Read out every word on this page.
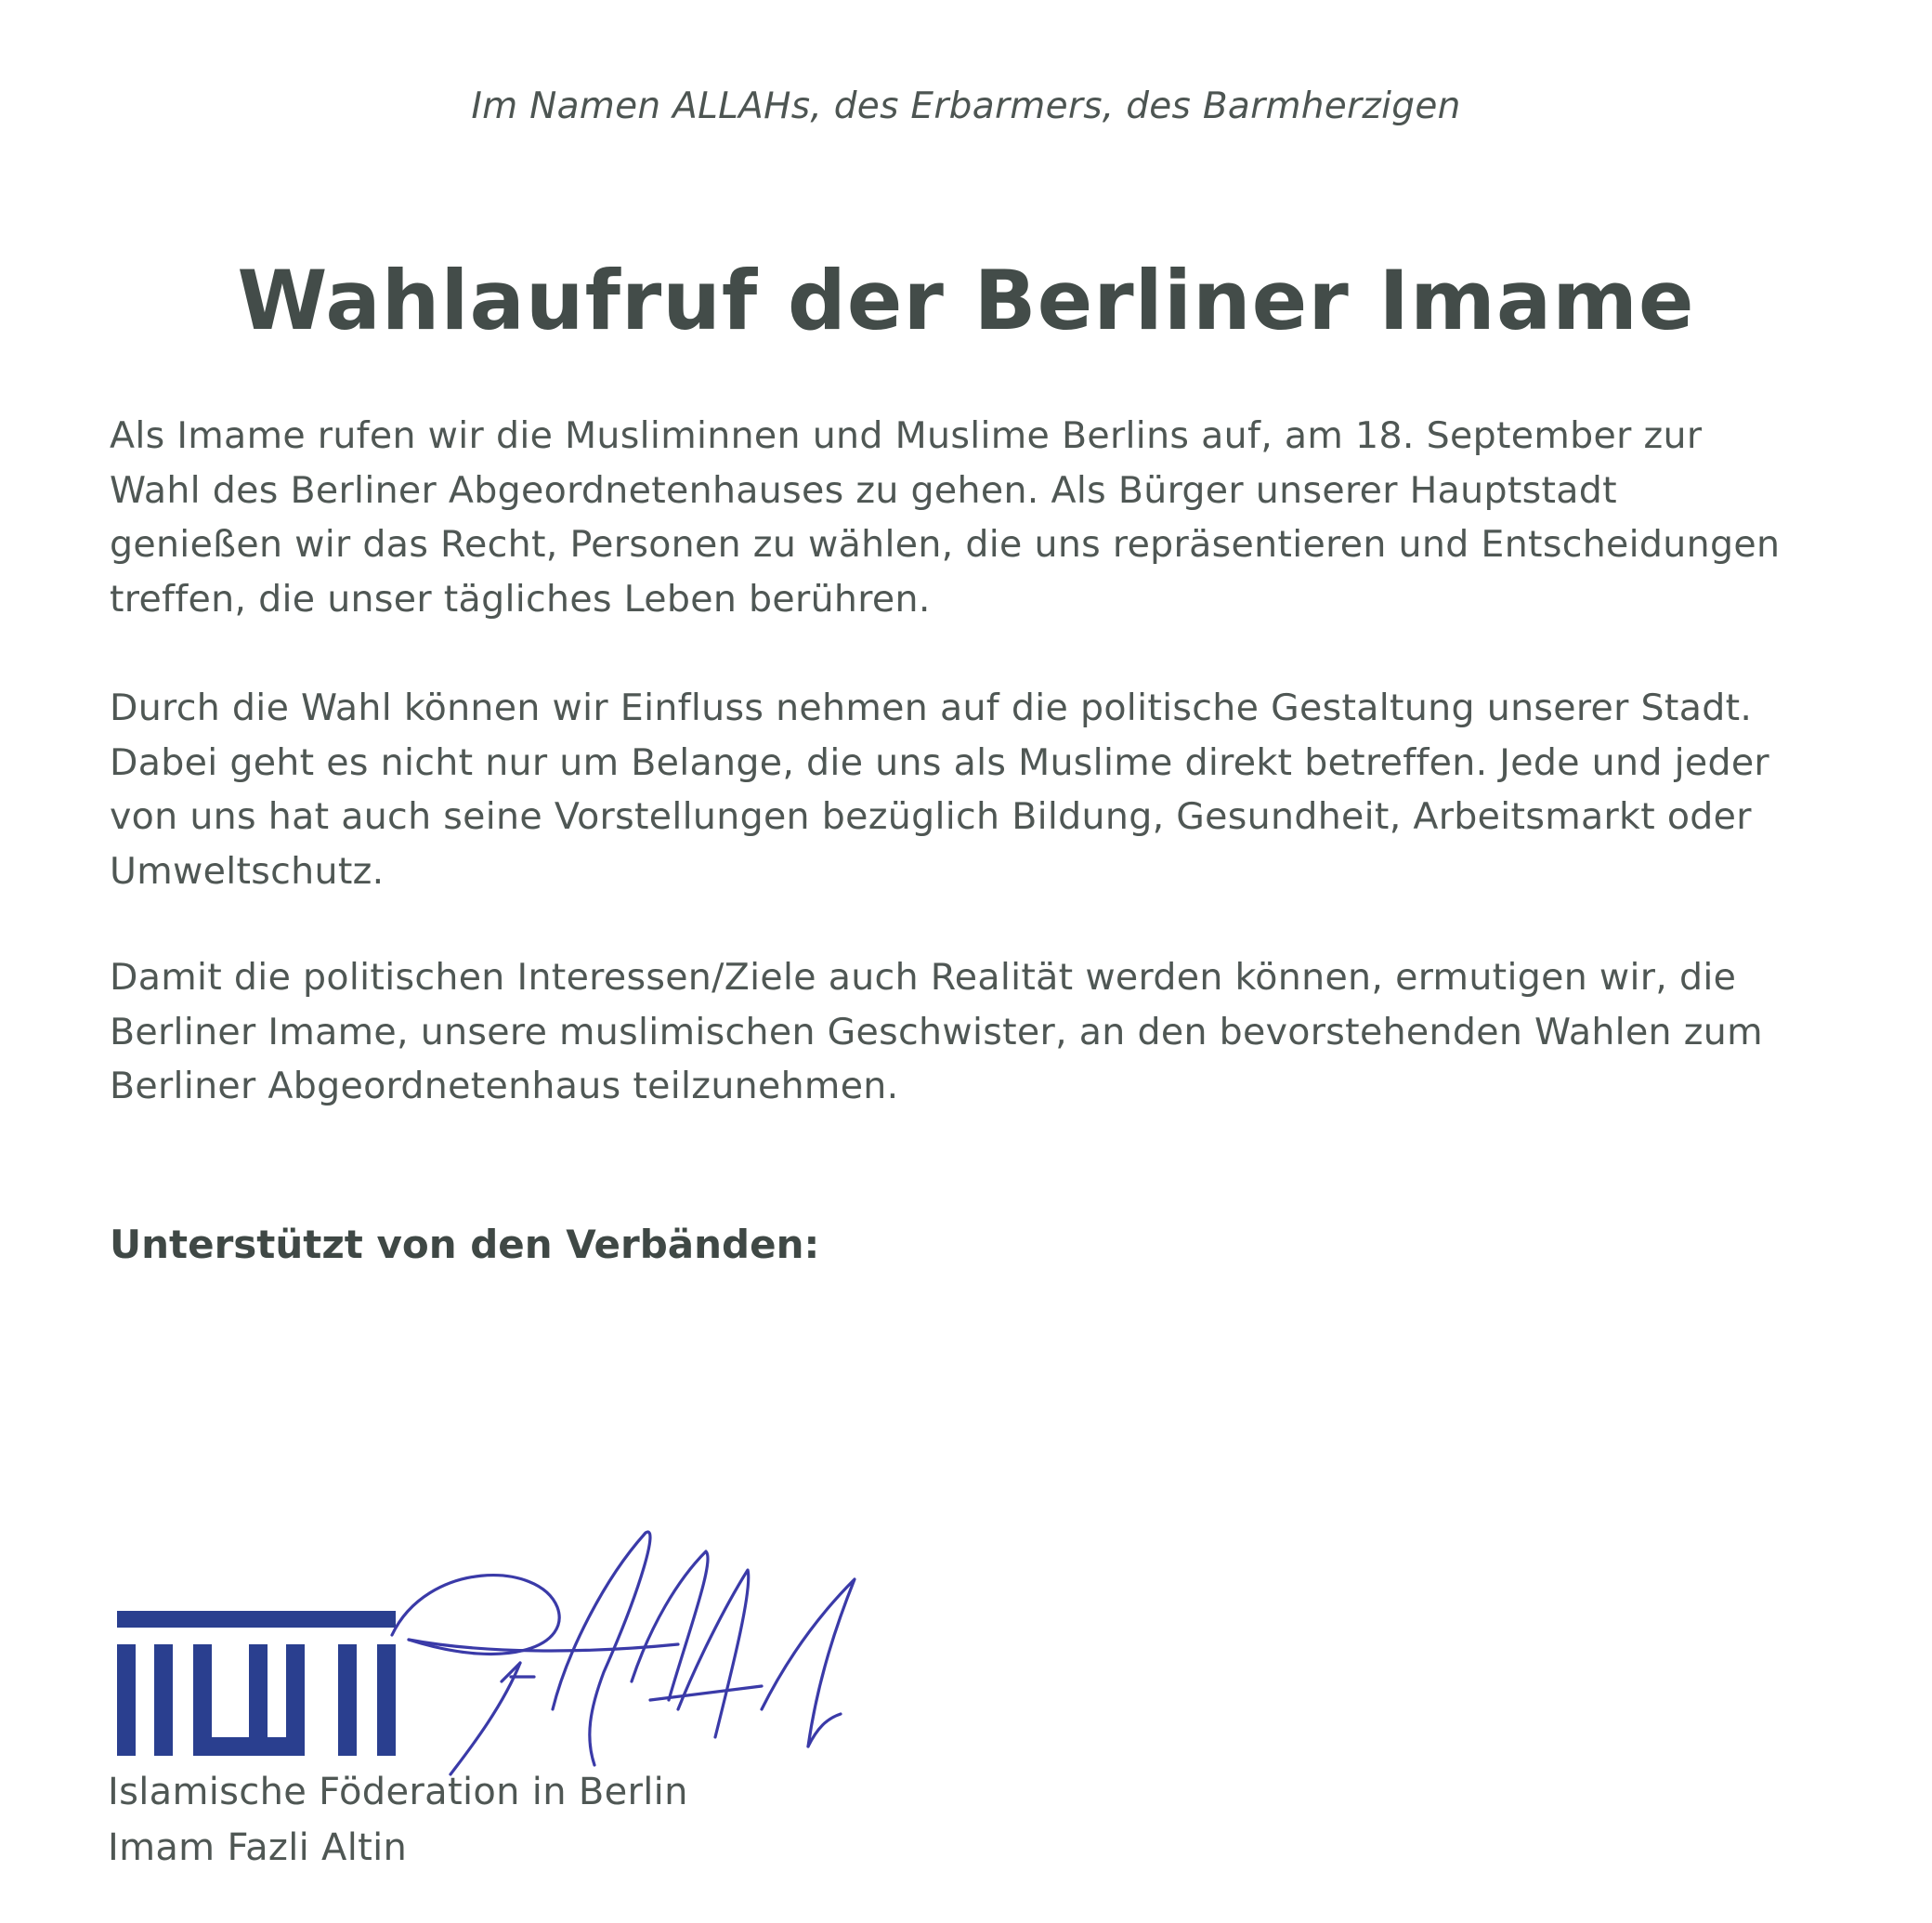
Im Namen ALLAHs, des Erbarmers, des Barmherzigen
Wahlaufruf der Berliner Imame
Als Imame rufen wir die Musliminnen und Muslime Berlins auf, am 18. September zur
Wahl des Berliner Abgeordnetenhauses zu gehen. Als Bürger unserer Hauptstadt
genießen wir das Recht, Personen zu wählen, die uns repräsentieren und Entscheidungen
treffen, die unser tägliches Leben berühren.
Durch die Wahl können wir Einfluss nehmen auf die politische Gestaltung unserer Stadt.
Dabei geht es nicht nur um Belange, die uns als Muslime direkt betreffen. Jede und jeder
von uns hat auch seine Vorstellungen bezüglich Bildung, Gesundheit, Arbeitsmarkt oder
Umweltschutz.
Damit die politischen Interessen/Ziele auch Realität werden können, ermutigen wir, die
Berliner Imame, unsere muslimischen Geschwister, an den bevorstehenden Wahlen zum
Berliner Abgeordnetenhaus teilzunehmen.
Unterstützt von den Verbänden:
Islamische Föderation in Berlin
Imam Fazli Altin
